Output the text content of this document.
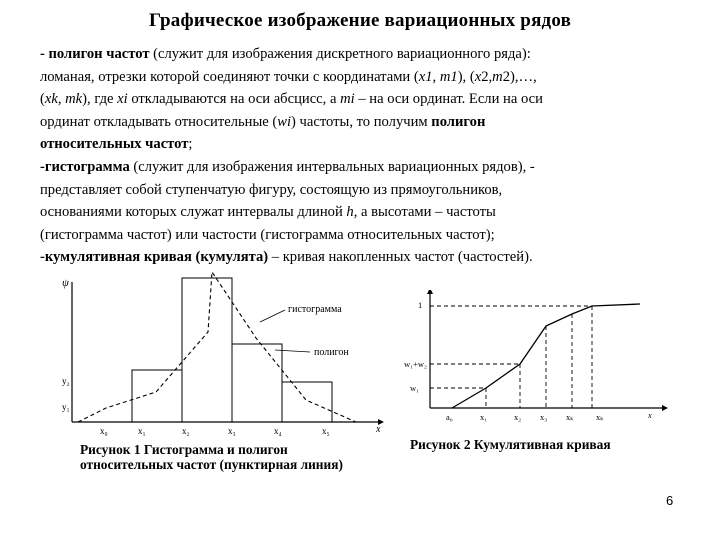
Графическое изображение вариационных рядов
- полигон частот (служит для изображения дискретного вариационного ряда):
ломаная, отрезки которой соединяют точки с координатами (x1, m1), (x2,m2),…,
(xk, mk), где xi откладываются на оси абсцисс, а mi – на оси ординат. Если на оси
ординат откладывать относительные (wi) частоты, то получим полигон
относительных частот;
-гистограмма (служит для изображения интервальных вариационных рядов), -
представляет собой ступенчатую фигуру, состоящую из прямоугольников,
основаниями которых служат интервалы длиной h, а высотами – частоты
(гистограмма частот) или частости (гистограмма относительных частот);
-кумулятивная кривая (кумулята) – кривая накопленных частот (частостей).
ψ
y₂
y₁
x
гистограмма
полигон
x₀	x₁	x₂	x₃	x₄	x₅
Рисунок 1 Гистограмма и полигон
относительных частот (пунктирная линия)
1
w₁+w₂
w₁
a₀	x₁	x₂ x₃ xₖ	xₖ	x
Рисунок 2 Кумулятивная кривая
6
